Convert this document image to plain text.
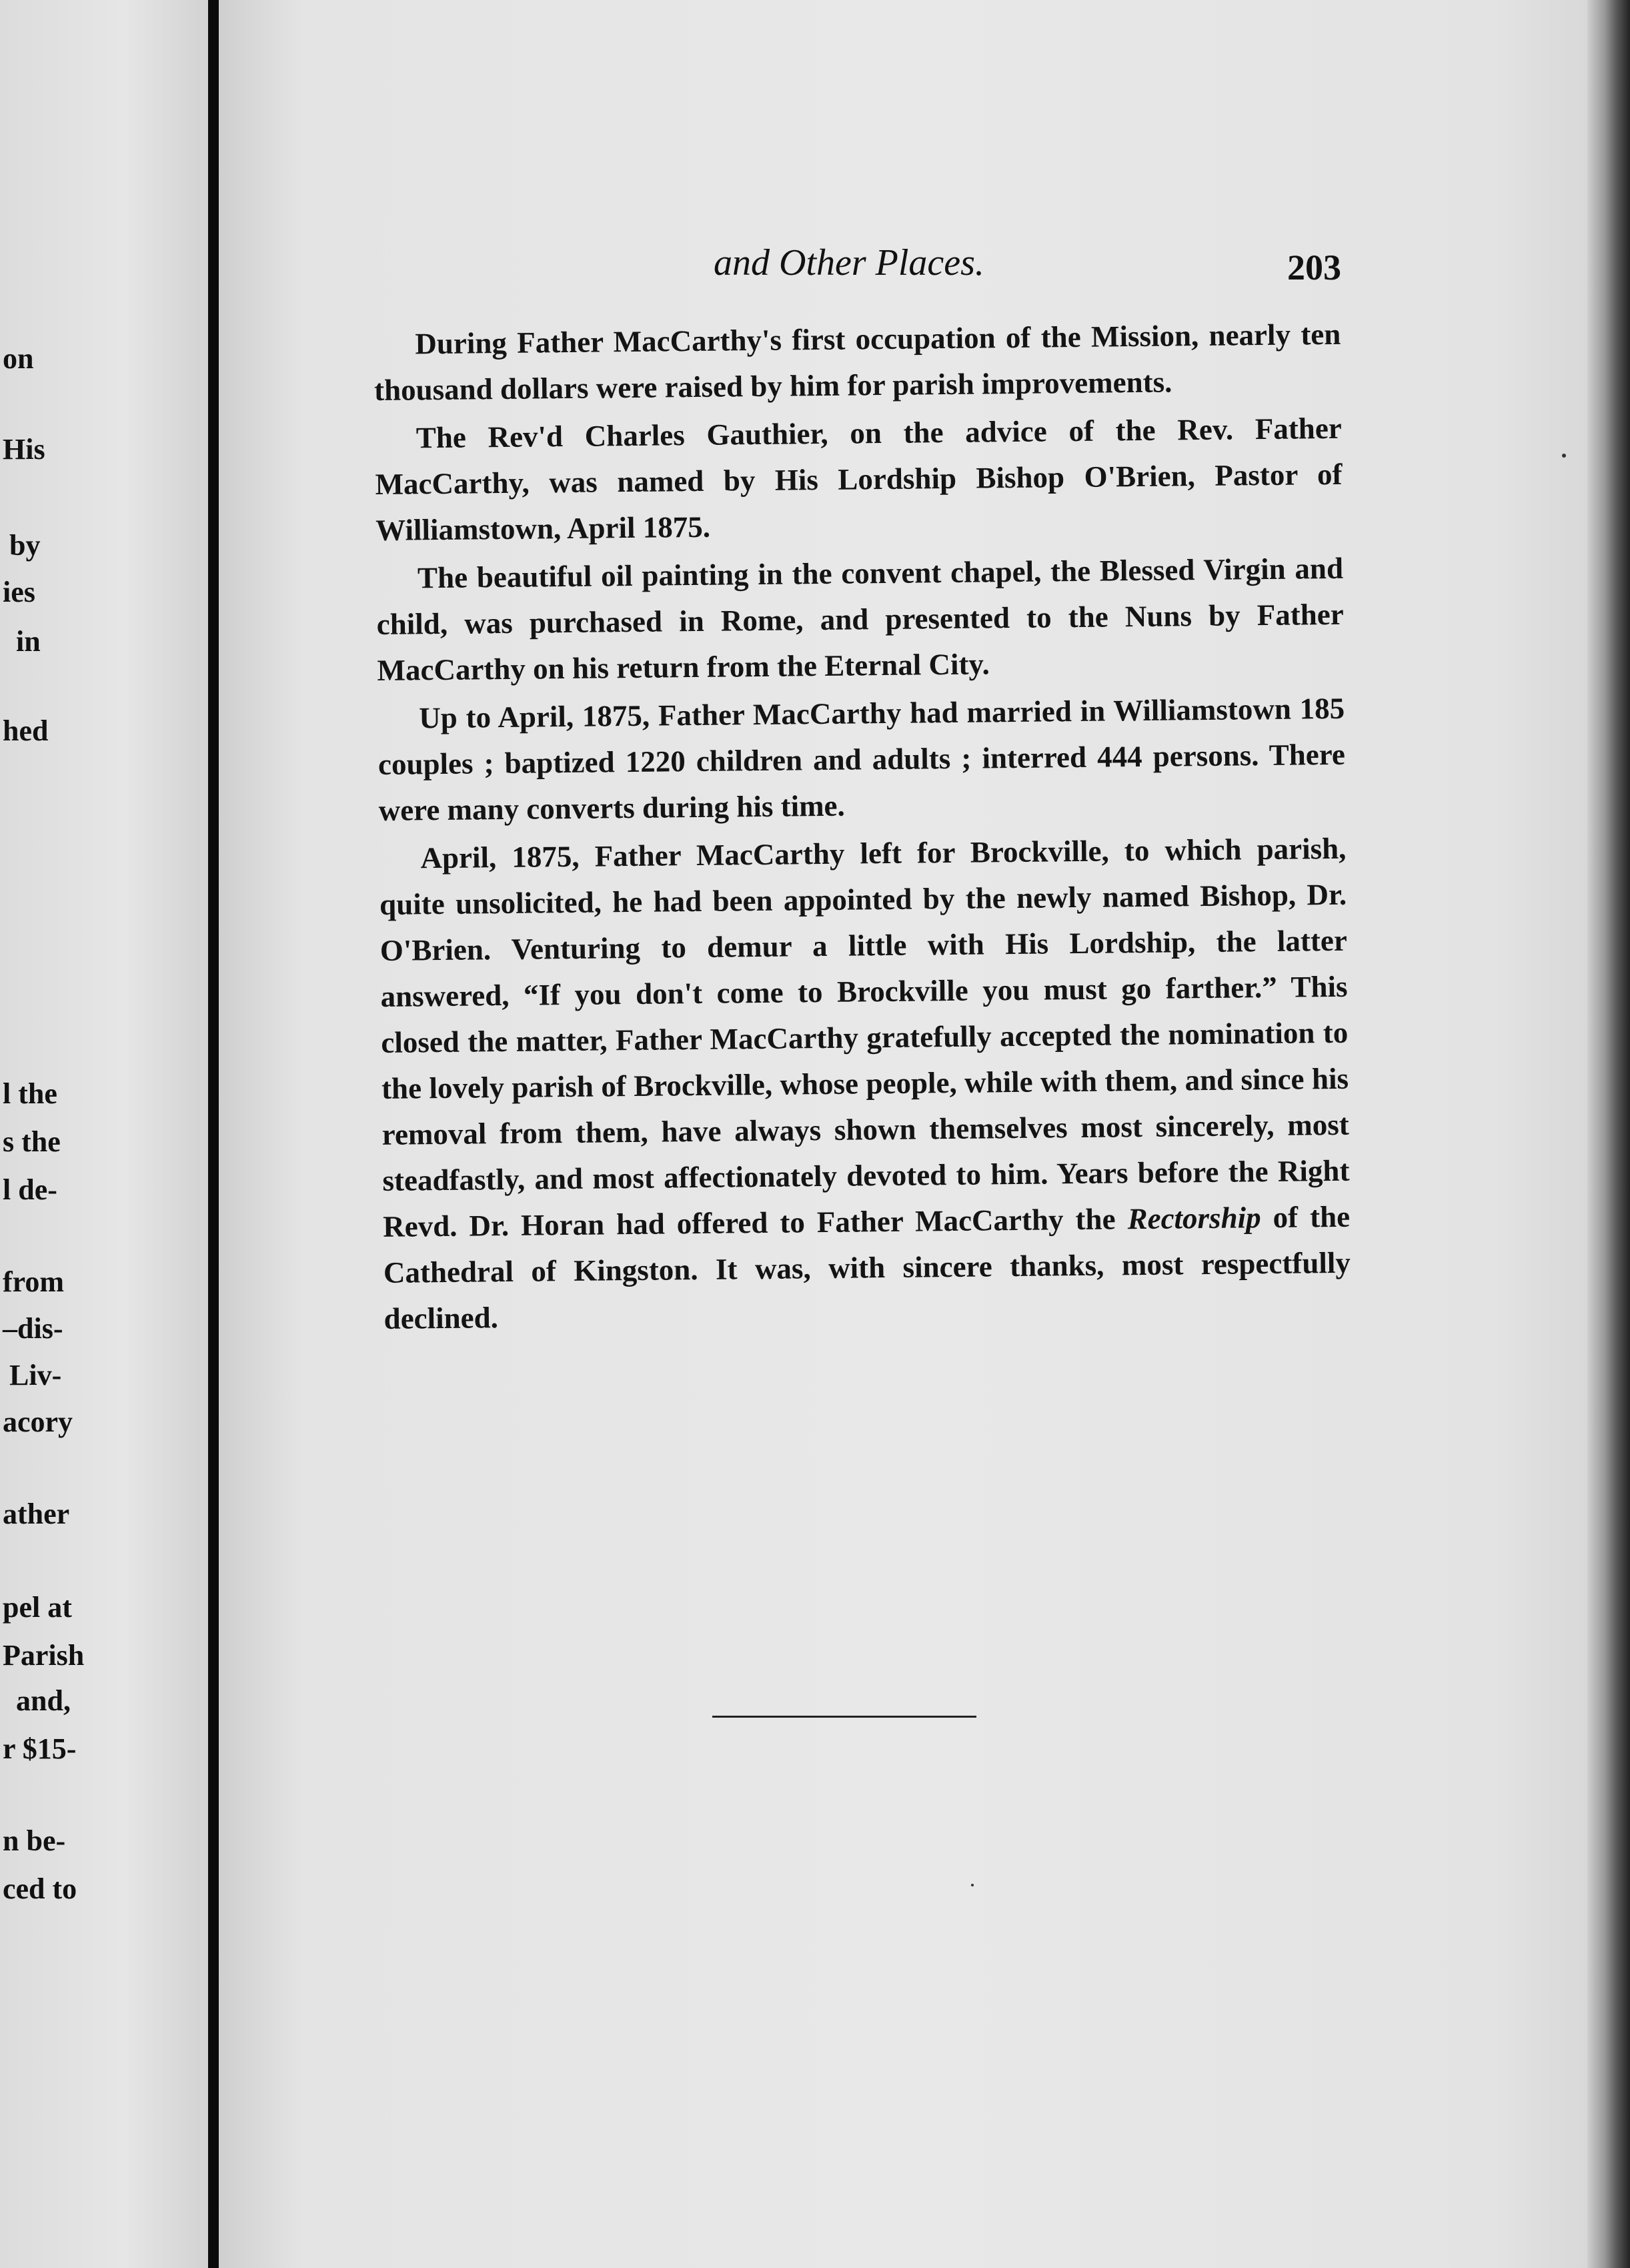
on
His
by
ies
in
hed
l the
s the
l de-
from
–dis-
Liv-
acory
ather
pel at
Parish
and,
r $15-
n be-
ced to
and Other Places.	203

During Father MacCarthy's first occupation of the Mission, nearly ten thousand dollars were raised by him for parish improvements.

The Rev'd Charles Gauthier, on the advice of the Rev. Father MacCarthy, was named by His Lordship Bishop O'Brien, Pastor of Williamstown, April 1875.

The beautiful oil painting in the convent chapel, the Blessed Virgin and child, was purchased in Rome, and presented to the Nuns by Father MacCarthy on his return from the Eternal City.

Up to April, 1875, Father MacCarthy had married in Williamstown 185 couples ; baptized 1220 children and adults ; interred 444 persons. There were many converts during his time.

April, 1875, Father MacCarthy left for Brockville, to which parish, quite unsolicited, he had been appointed by the newly named Bishop, Dr. O'Brien. Venturing to demur a little with His Lordship, the latter answered, “If you don't come to Brockville you must go farther.” This closed the matter, Father MacCarthy gratefully accepted the nomination to the lovely parish of Brockville, whose people, while with them, and since his removal from them, have always shown themselves most sincerely, most steadfastly, and most affectionately devoted to him. Years before the Right Revd. Dr. Horan had offered to Father MacCarthy the Rectorship of the Cathedral of Kingston. It was, with sincere thanks, most respectfully declined.
